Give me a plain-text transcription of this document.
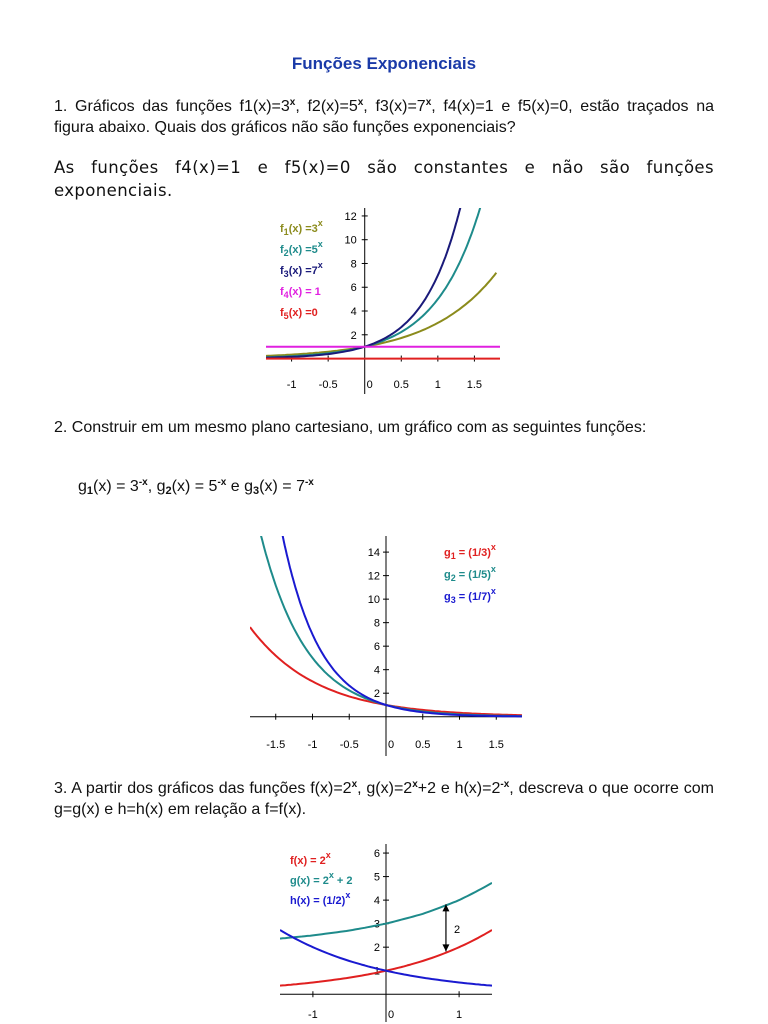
Funções Exponenciais
1. Gráficos das funções $f1(x)=3^x$, $f2(x)=5^x$, $f3(x)=7^x$, f4(x)=1 e f5(x)=0, estão traçados na figura abaixo. Quais dos gráficos não são funções exponenciais?
As funções f4(x)=1 e f5(x)=0 são constantes e não são funções exponenciais.
2
4
6
8
10
12
-1 -0.5	0 0.5 1 1.5
$f_1(x) =3^x$
$f_2(x) =5^x$
$f_3(x) =7^x$
$f_4(x) = 1$
$f_5(x) =0$
2. Construir em um mesmo plano cartesiano, um gráfico com as seguintes funções:
$g_1(x) = 3^{-x}$, $g_2(x) = 5^{-x}$ e $g_3(x) = 7^{-x}$
2
4
6
8
10
12
14
-1.5 -1 -0.5	0 0.5 1 1.5
$g_1 = (1/3)^x$
$g_2 = (1/5)^x$
$g_3 = (1/7)^x$
3. A partir dos gráficos das funções $f(x)=2^x$, $g(x)=2^x+2$ e $h(x)=2^{-x}$, descreva o que ocorre com g=g(x) e h=h(x) em relação a f=f(x).
1
2
3
4
5
6
-1	0	1
$f(x) = 2^x$
$g(x) = 2^x + 2$
$h(x) = (1/2)^x$
2
